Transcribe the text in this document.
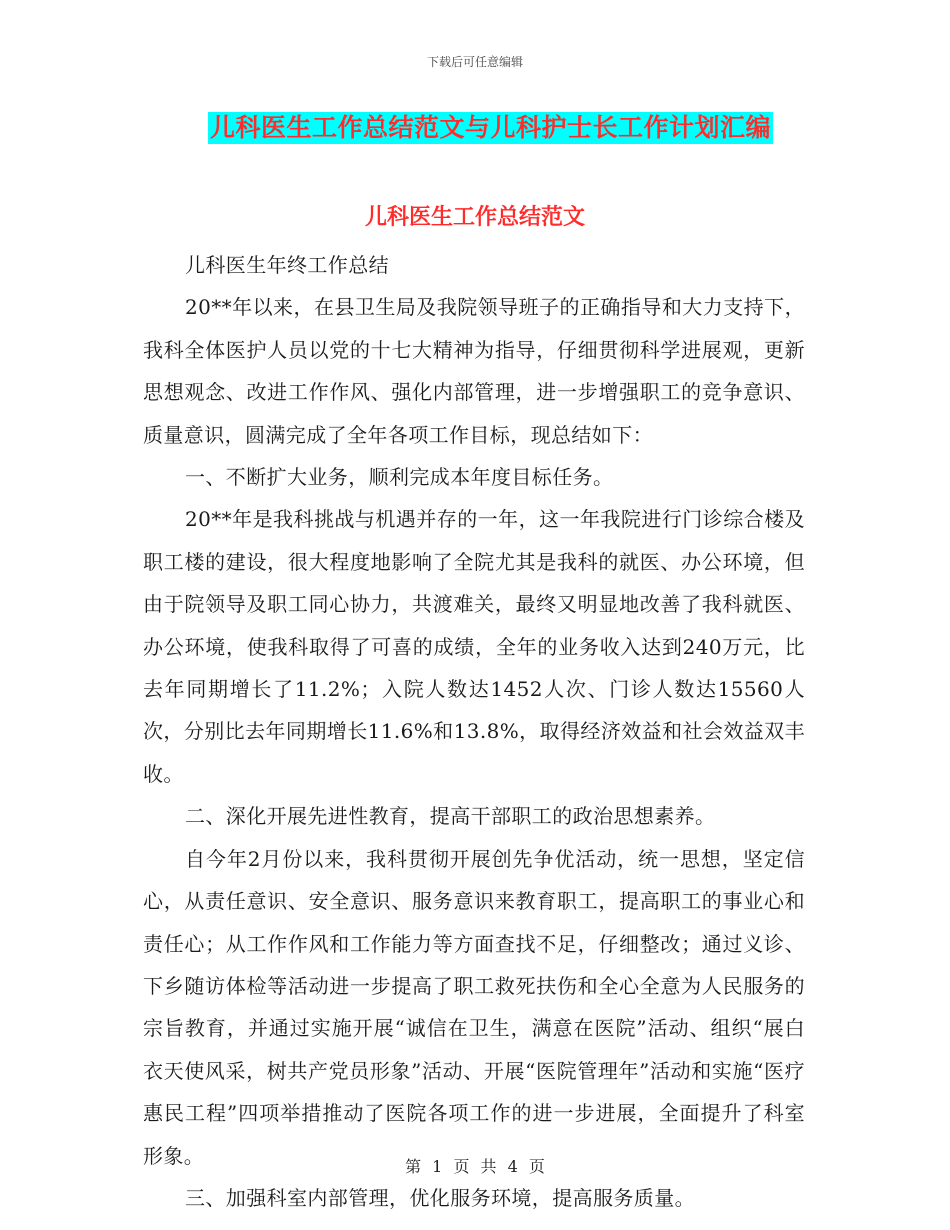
下载后可任意编辑
儿科医生工作总结范文与儿科护士长工作计划汇编
儿科医生工作总结范文

儿科医生年终工作总结

20**年以来，在县卫生局及我院领导班子的正确指导和大力支持下，我科全体医护人员以党的十七大精神为指导，仔细贯彻科学进展观，更新思想观念、改进工作作风、强化内部管理，进一步增强职工的竞争意识、质量意识，圆满完成了全年各项工作目标，现总结如下：

一、不断扩大业务，顺利完成本年度目标任务。

20**年是我科挑战与机遇并存的一年，这一年我院进行门诊综合楼及职工楼的建设，很大程度地影响了全院尤其是我科的就医、办公环境，但由于院领导及职工同心协力，共渡难关，最终又明显地改善了我科就医、办公环境，使我科取得了可喜的成绩，全年的业务收入达到240万元，比去年同期增长了11.2%；入院人数达1452人次、门诊人数达15560人次，分别比去年同期增长11.6%和13.8%，取得经济效益和社会效益双丰收。

二、深化开展先进性教育，提高干部职工的政治思想素养。

自今年2月份以来，我科贯彻开展创先争优活动，统一思想，坚定信心，从责任意识、安全意识、服务意识来教育职工，提高职工的事业心和责任心；从工作作风和工作能力等方面查找不足，仔细整改；通过义诊、下乡随访体检等活动进一步提高了职工救死扶伤和全心全意为人民服务的宗旨教育，并通过实施开展“诚信在卫生，满意在医院”活动、组织“展白衣天使风采，树共产党员形象”活动、开展“医院管理年”活动和实施“医疗惠民工程”四项举措推动了医院各项工作的进一步进展，全面提升了科室形象。

三、加强科室内部管理，优化服务环境，提高服务质量。

第 1 页 共 4 页
